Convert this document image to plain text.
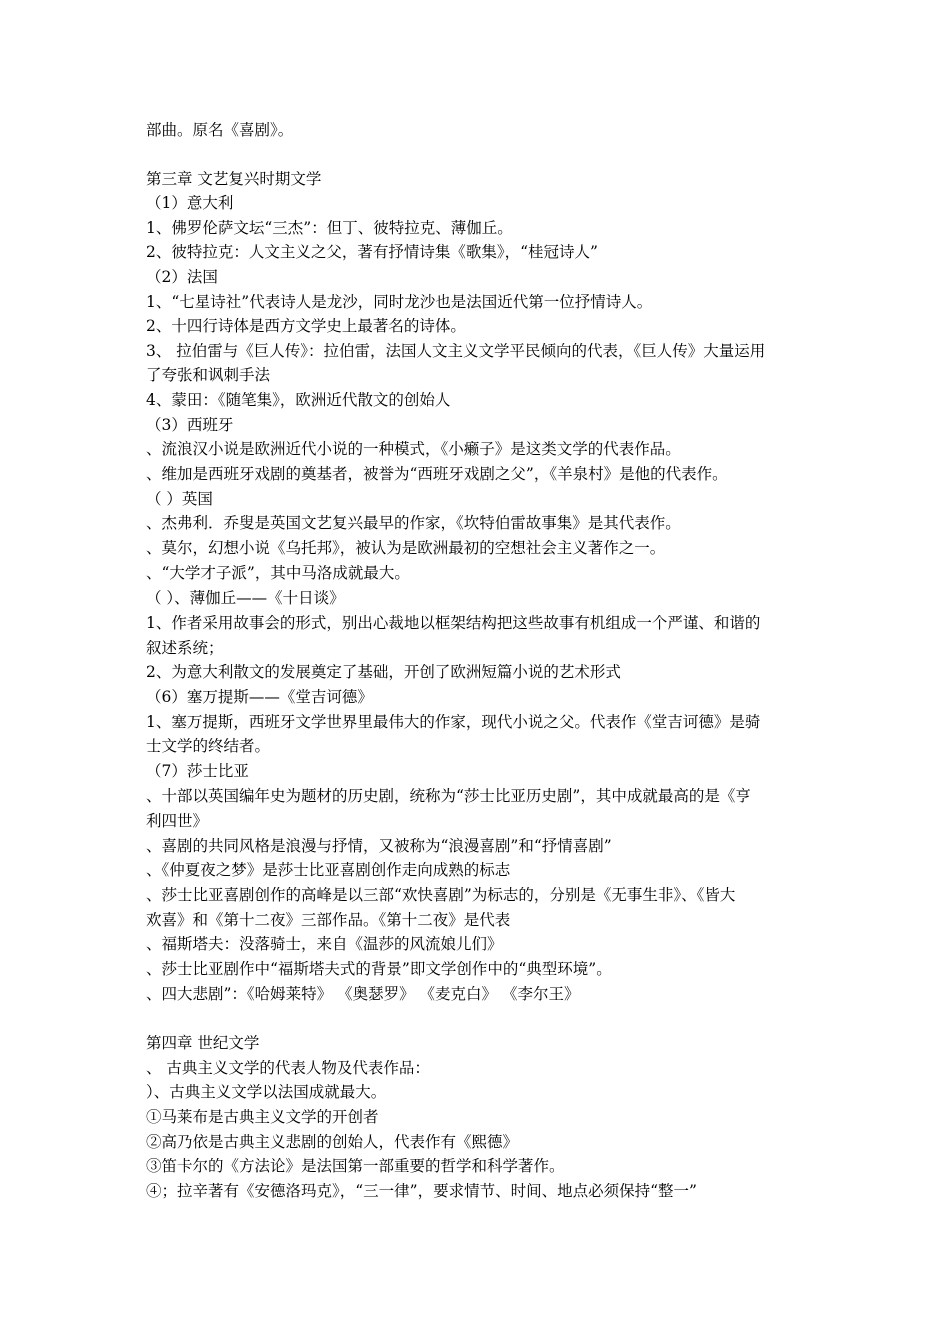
部曲。原名《喜剧》。
第三章 文艺复兴时期文学
（1）意大利
1、佛罗伦萨文坛“三杰”：但丁、彼特拉克、薄伽丘。
2、彼特拉克：人文主义之父，著有抒情诗集《歌集》，“桂冠诗人”
（2）法国
1、“七星诗社”代表诗人是龙沙，同时龙沙也是法国近代第一位抒情诗人。
2、十四行诗体是西方文学史上最著名的诗体。
3、 拉伯雷与《巨人传》：拉伯雷，法国人文主义文学平民倾向的代表，《巨人传》大量运用
了夸张和讽刺手法
4、蒙田：《随笔集》，欧洲近代散文的创始人
（3）西班牙
、流浪汉小说是欧洲近代小说的一种模式，《小癞子》是这类文学的代表作品。
、维加是西班牙戏剧的奠基者，被誉为“西班牙戏剧之父”，《羊泉村》是他的代表作。
（ ）英国
、杰弗利．乔叟是英国文艺复兴最早的作家，《坎特伯雷故事集》是其代表作。
、莫尔，幻想小说《乌托邦》，被认为是欧洲最初的空想社会主义著作之一。
、“大学才子派”，其中马洛成就最大。
（ ）、薄伽丘——《十日谈》
1、作者采用故事会的形式，别出心裁地以框架结构把这些故事有机组成一个严谨、和谐的
叙述系统；
2、为意大利散文的发展奠定了基础，开创了欧洲短篇小说的艺术形式
（6）塞万提斯——《堂吉诃德》
1、塞万提斯，西班牙文学世界里最伟大的作家，现代小说之父。代表作《堂吉诃德》是骑
士文学的终结者。
（7）莎士比亚
、十部以英国编年史为题材的历史剧，统称为“莎士比亚历史剧”，其中成就最高的是《亨
利四世》
、喜剧的共同风格是浪漫与抒情，又被称为“浪漫喜剧”和“抒情喜剧”
、《仲夏夜之梦》是莎士比亚喜剧创作走向成熟的标志
、莎士比亚喜剧创作的高峰是以三部“欢快喜剧”为标志的，分别是《无事生非》、《皆大
欢喜》和《第十二夜》三部作品。《第十二夜》是代表
、福斯塔夫：没落骑士，来自《温莎的风流娘儿们》
、莎士比亚剧作中“福斯塔夫式的背景”即文学创作中的“典型环境”。
、四大悲剧”：《哈姆莱特》 《奥瑟罗》 《麦克白》 《李尔王》
第四章 世纪文学
、 古典主义文学的代表人物及代表作品：
）、古典主义文学以法国成就最大。
①马莱布是古典主义文学的开创者
②高乃依是古典主义悲剧的创始人，代表作有《熙德》
③笛卡尔的《方法论》是法国第一部重要的哲学和科学著作。
④；拉辛著有《安德洛玛克》，“三一律”，要求情节、时间、地点必须保持“整一”
